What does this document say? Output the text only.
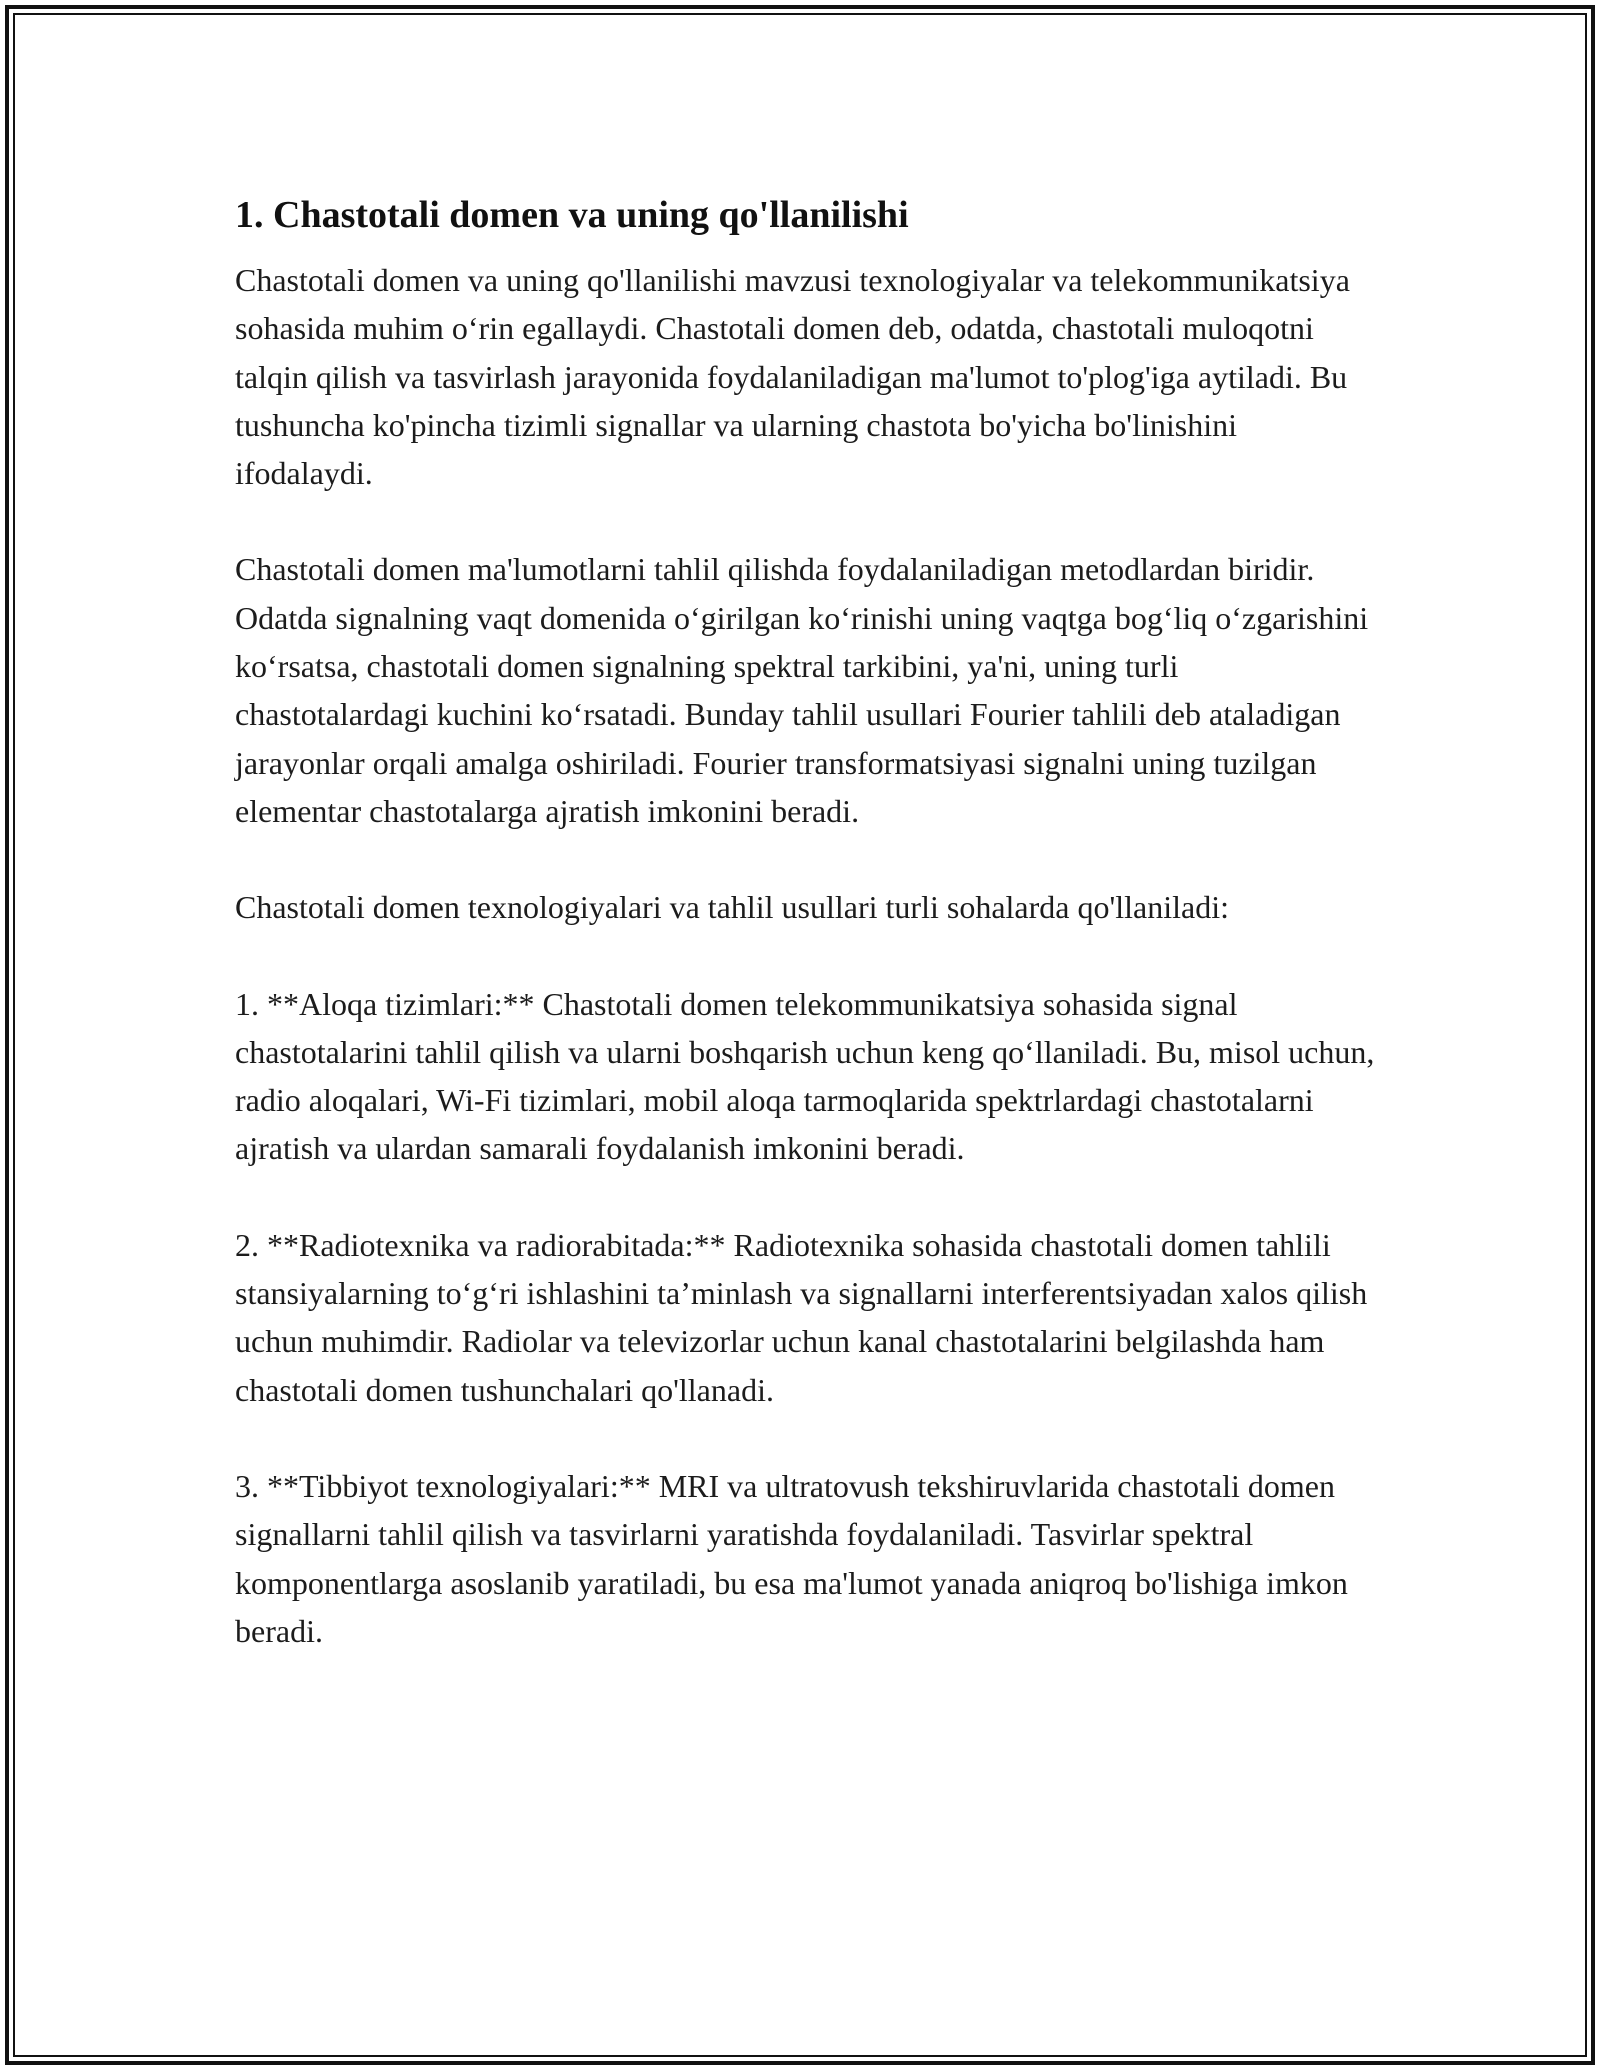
1. Chastotali domen va uning qo'llanilishi

Chastotali domen va uning qo'llanilishi mavzusi texnologiyalar va telekommunikatsiya sohasida muhim o‘rin egallaydi. Chastotali domen deb, odatda, chastotali muloqotni talqin qilish va tasvirlash jarayonida foydalaniladigan ma'lumot to'plog'iga aytiladi. Bu tushuncha ko'pincha tizimli signallar va ularning chastota bo'yicha bo'linishini ifodalaydi.

Chastotali domen ma'lumotlarni tahlil qilishda foydalaniladigan metodlardan biridir. Odatda signalning vaqt domenida o‘girilgan ko‘rinishi uning vaqtga bog‘liq o‘zgarishini ko‘rsatsa, chastotali domen signalning spektral tarkibini, ya'ni, uning turli chastotalardagi kuchini ko‘rsatadi. Bunday tahlil usullari Fourier tahlili deb ataladigan jarayonlar orqali amalga oshiriladi. Fourier transformatsiyasi signalni uning tuzilgan elementar chastotalarga ajratish imkonini beradi.

Chastotali domen texnologiyalari va tahlil usullari turli sohalarda qo'llaniladi:

1. **Aloqa tizimlari:** Chastotali domen telekommunikatsiya sohasida signal chastotalarini tahlil qilish va ularni boshqarish uchun keng qo‘llaniladi. Bu, misol uchun, radio aloqalari, Wi-Fi tizimlari, mobil aloqa tarmoqlarida spektrlardagi chastotalarni ajratish va ulardan samarali foydalanish imkonini beradi.

2. **Radiotexnika va radiorabitada:** Radiotexnika sohasida chastotali domen tahlili stansiyalarning to‘g‘ri ishlashini ta’minlash va signallarni interferentsiyadan xalos qilish uchun muhimdir. Radiolar va televizorlar uchun kanal chastotalarini belgilashda ham chastotali domen tushunchalari qo'llanadi.

3. **Tibbiyot texnologiyalari:** MRI va ultratovush tekshiruvlarida chastotali domen signallarni tahlil qilish va tasvirlarni yaratishda foydalaniladi. Tasvirlar spektral komponentlarga asoslanib yaratiladi, bu esa ma'lumot yanada aniqroq bo'lishiga imkon beradi.
